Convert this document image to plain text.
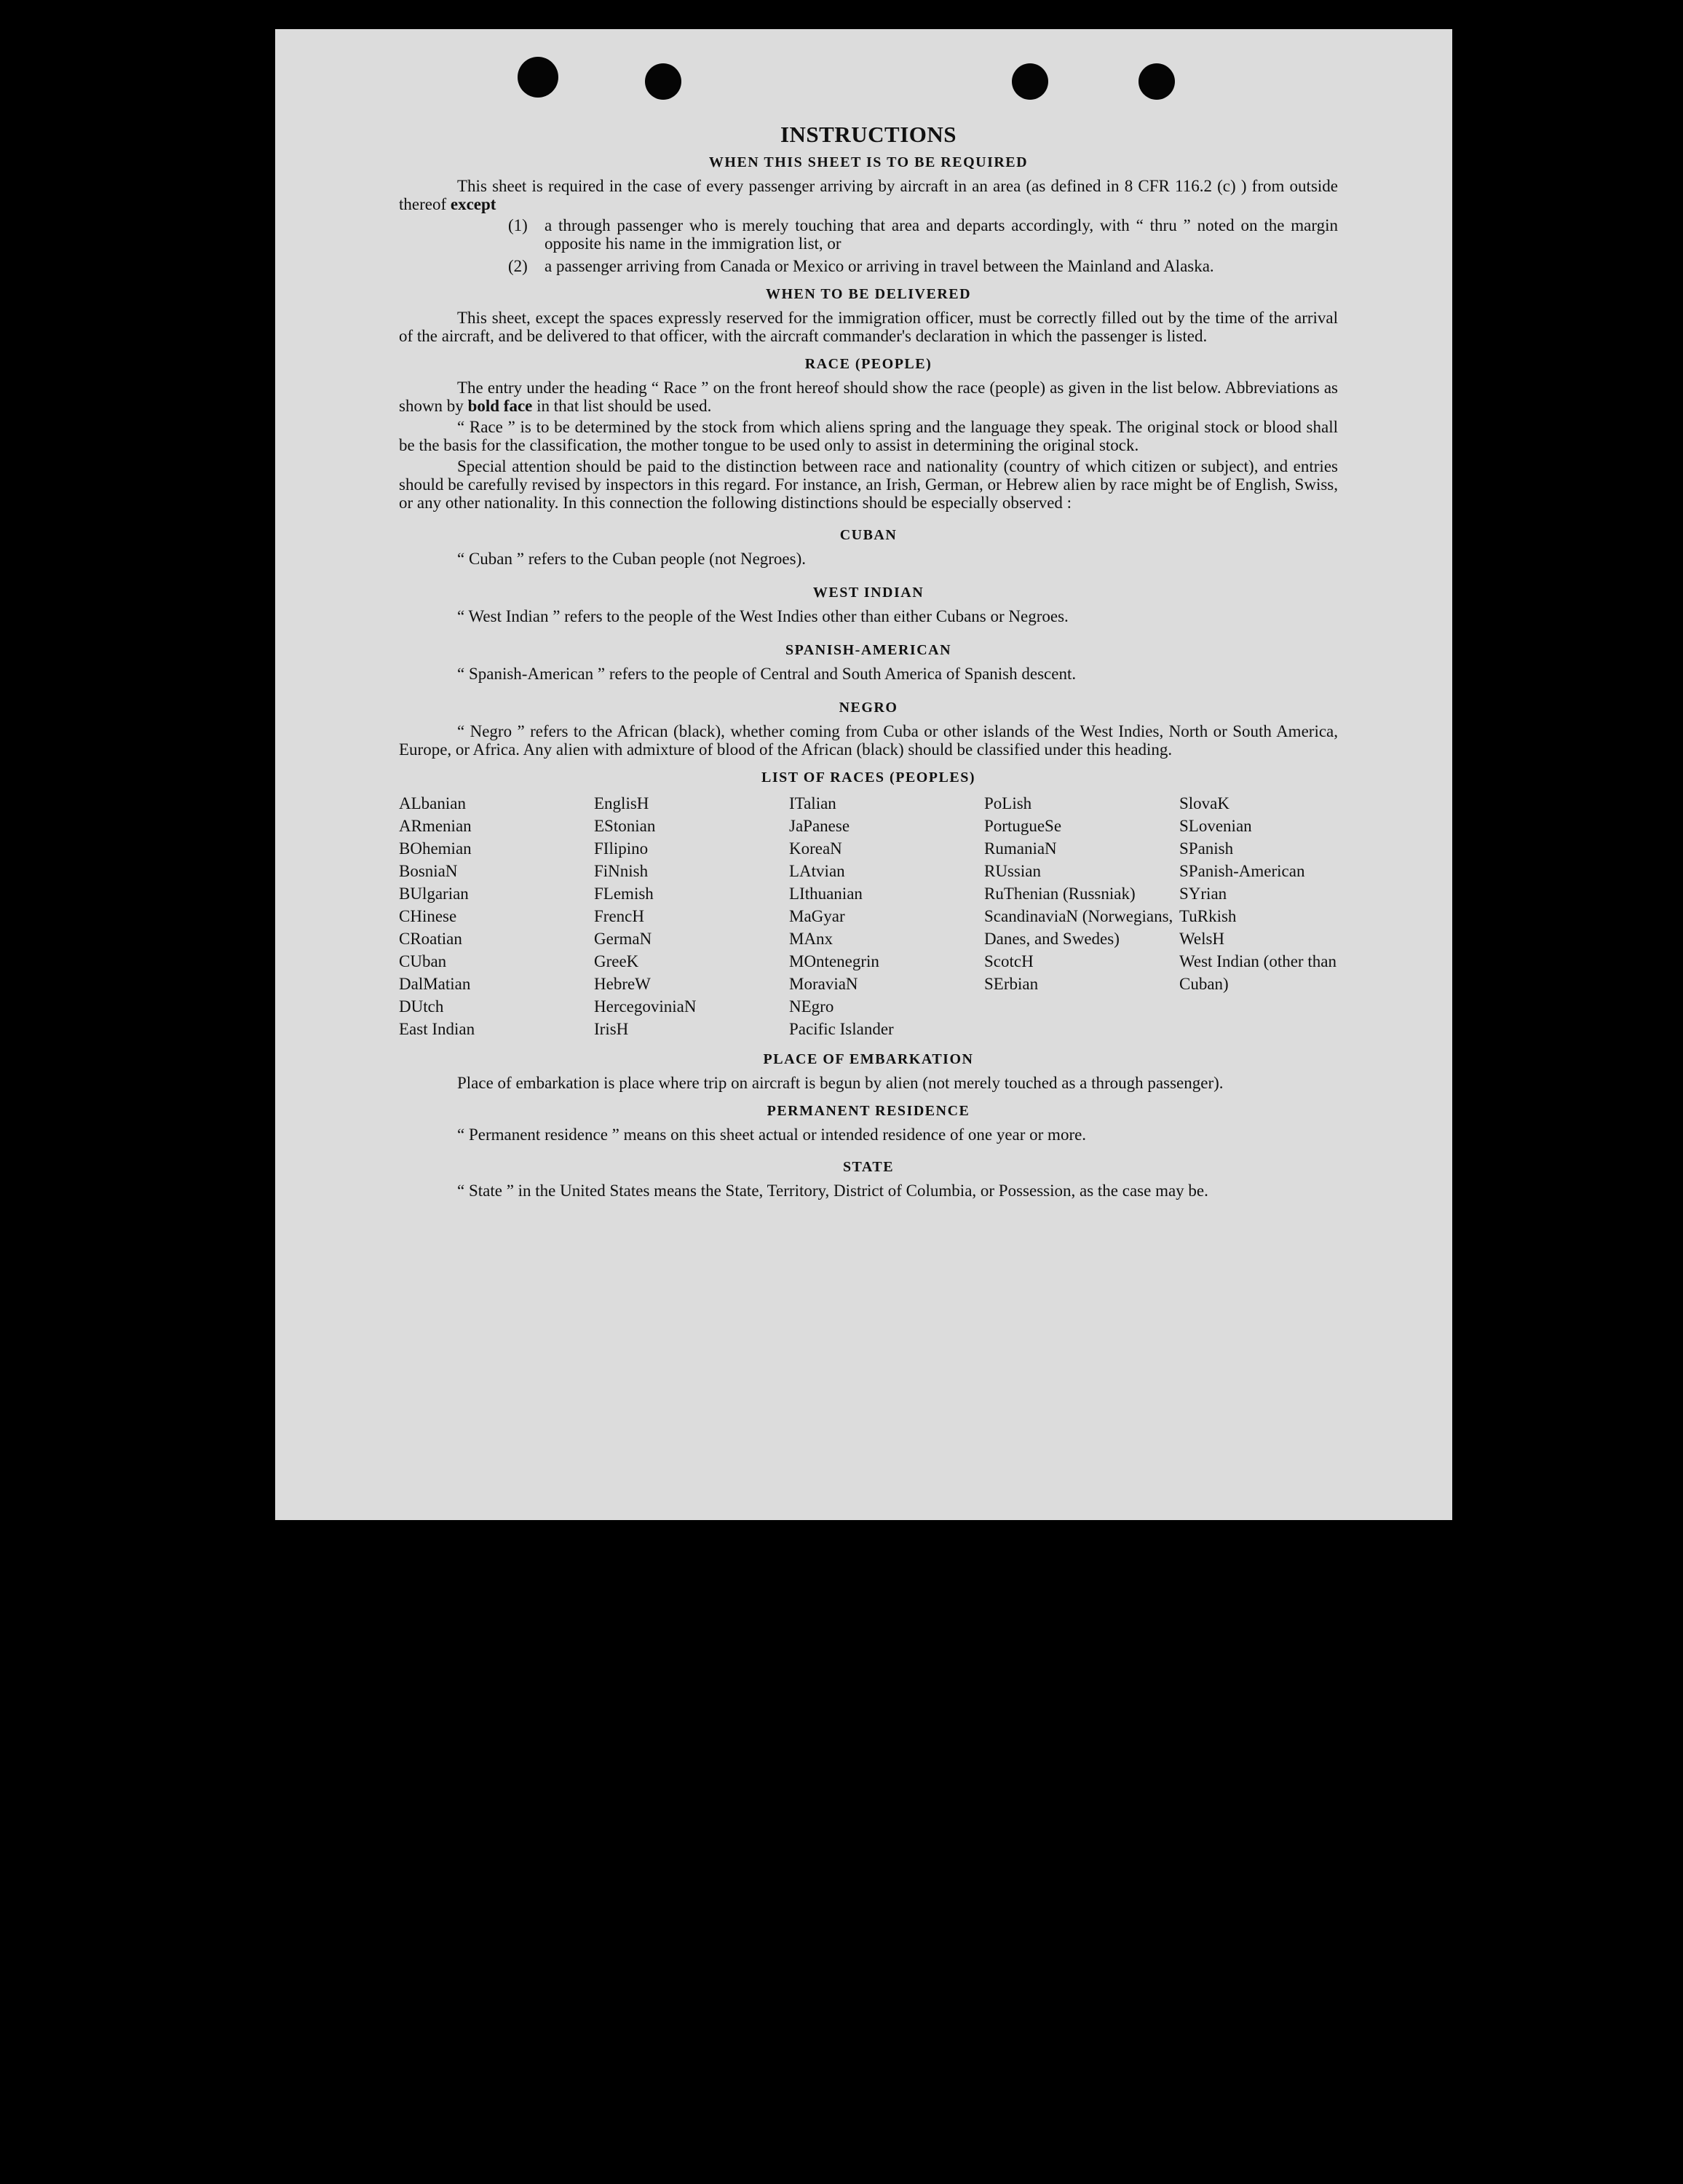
INSTRUCTIONS
WHEN THIS SHEET IS TO BE REQUIRED

This sheet is required in the case of every passenger arriving by aircraft in an area (as defined in 8 CFR 116.2 (c) ) from outside thereof except

(1)	a through passenger who is merely touching that area and departs accordingly, with “ thru ” noted on the margin opposite his name in the immigration list, or
(2)	a passenger arriving from Canada or Mexico or arriving in travel between the Mainland and Alaska.
WHEN TO BE DELIVERED

This sheet, except the spaces expressly reserved for the immigration officer, must be correctly filled out by the time of the arrival of the aircraft, and be delivered to that officer, with the aircraft commander's declaration in which the passenger is listed.

RACE (PEOPLE)

The entry under the heading “ Race ” on the front hereof should show the race (people) as given in the list below. Abbreviations as shown by bold face in that list should be used.

“ Race ” is to be determined by the stock from which aliens spring and the language they speak. The original stock or blood shall be the basis for the classification, the mother tongue to be used only to assist in determining the original stock.

Special attention should be paid to the distinction between race and nationality (country of which citizen or subject), and entries should be carefully revised by inspectors in this regard. For instance, an Irish, German, or Hebrew alien by race might be of English, Swiss, or any other nationality. In this connection the following distinctions should be especially observed :

CUBAN

“ Cuban ” refers to the Cuban people (not Negroes).

WEST INDIAN

“ West Indian ” refers to the people of the West Indies other than either Cubans or Negroes.

SPANISH-AMERICAN

“ Spanish-American ” refers to the people of Central and South America of Spanish descent.

NEGRO

“ Negro ” refers to the African (black), whether coming from Cuba or other islands of the West Indies, North or South America, Europe, or Africa. Any alien with admixture of blood of the African (black) should be classified under this heading.

LIST OF RACES (PEOPLES)
ALbanian
ARmenian
BOhemian
BosniaN
BUlgarian
CHinese
CRoatian
CUban
DalMatian
DUtch
East Indian
EnglisH
EStonian
FIlipino
FiNnish
FLemish
FrencH
GermaN
GreeK
HebreW
HercegoviniaN
IrisH
ITalian
JaPanese
KoreaN
LAtvian
LIthuanian
MaGyar
MAnx
MOntenegrin
MoraviaN
NEgro
Pacific Islander
PoLish
PortugueSe
RumaniaN
RUssian
RuThenian (Russniak)
ScandinaviaN (Norwegians, Danes, and Swedes)
ScotcH
SErbian
SlovaK
SLovenian
SPanish
SPanish-American
SYrian
TuRkish
WelsH
West Indian (other than Cuban)
PLACE OF EMBARKATION

Place of embarkation is place where trip on aircraft is begun by alien (not merely touched as a through passenger).

PERMANENT RESIDENCE

“ Permanent residence ” means on this sheet actual or intended residence of one year or more.

STATE

“ State ” in the United States means the State, Territory, District of Columbia, or Possession, as the case may be.
